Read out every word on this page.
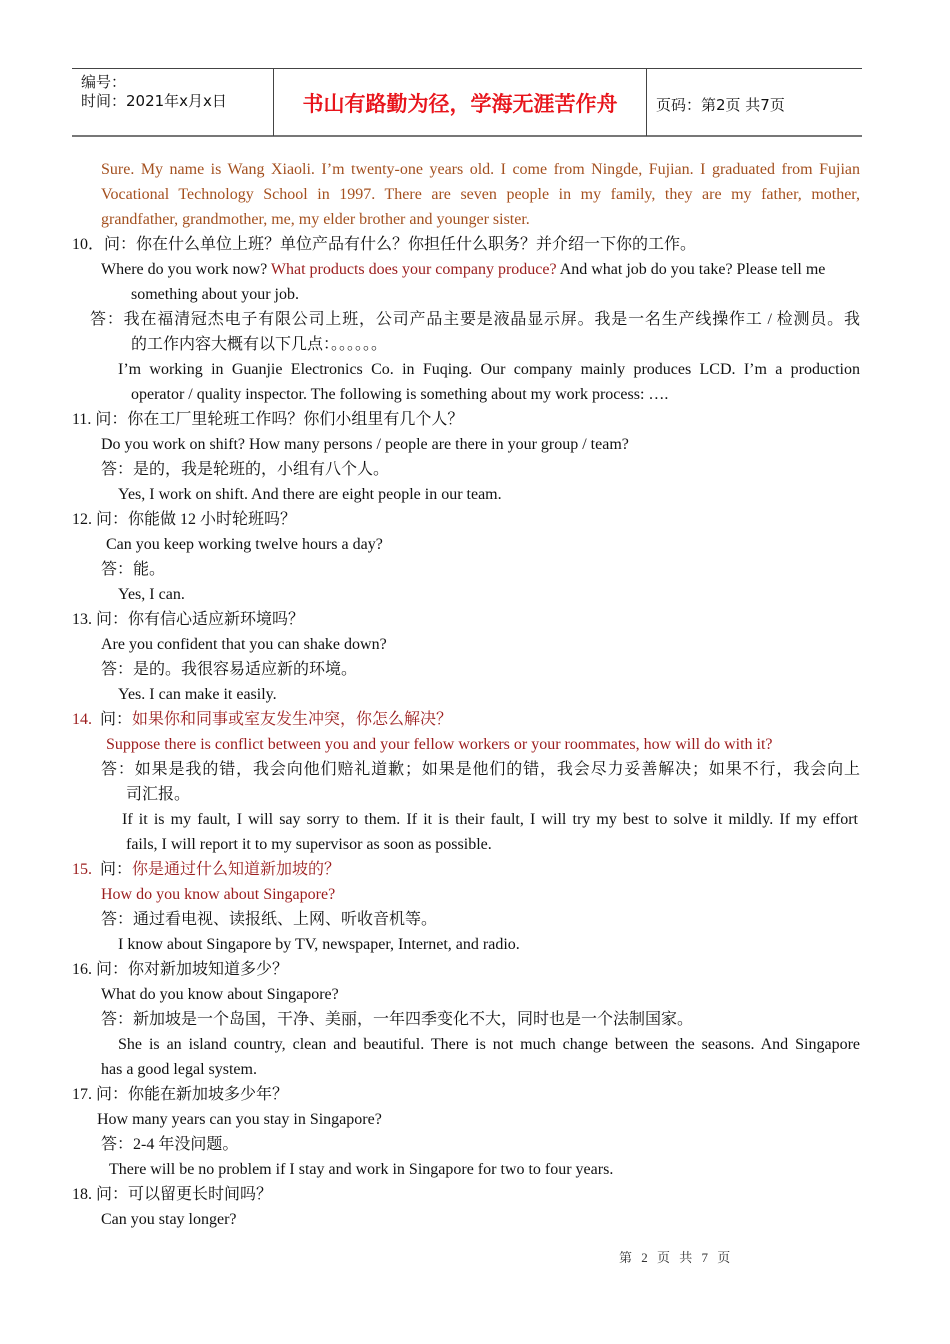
编号：
时间：2021年x月x日	书山有路勤为径，学海无涯苦作舟	页码：第2页 共7页
Sure. My name is Wang Xiaoli. I’m twenty-one years old. I come from Ningde, Fujian. I graduated from Fujian
Vocational Technology School in 1997. There are seven people in my family, they are my father, mother,
grandfather, grandmother, me, my elder brother and younger sister.
10．问：你在什么单位上班？单位产品有什么？你担任什么职务？并介绍一下你的工作。
Where do you work now? What products does your company produce? And what job do you take? Please tell me
something about your job.
答：我在福清冠杰电子有限公司上班，公司产品主要是液晶显示屏。我是一名生产线操作工 / 检测员。我
的工作内容大概有以下几点：。。。。。。
I’m working in Guanjie Electronics Co. in Fuqing. Our company mainly produces LCD. I’m a production
operator / quality inspector. The following is something about my work process: ….
11. 问：你在工厂里轮班工作吗？你们小组里有几个人？
Do you work on shift? How many persons / people are there in your group / team?
答：是的，我是轮班的，小组有八个人。
Yes, I work on shift. And there are eight people in our team.
12. 问：你能做 12 小时轮班吗？
Can you keep working twelve hours a day?
答：能。
Yes, I can.
13. 问：你有信心适应新环境吗？
Are you confident that you can shake down?
答：是的。我很容易适应新的环境。
Yes. I can make it easily.
14.  问：如果你和同事或室友发生冲突，你怎么解决？
Suppose there is conflict between you and your fellow workers or your roommates, how will do with it?
答：如果是我的错，我会向他们赔礼道歉；如果是他们的错，我会尽力妥善解决；如果不行，我会向上
司汇报。
If it is my fault, I will say sorry to them. If it is their fault, I will try my best to solve it mildly. If my effort
fails, I will report it to my supervisor as soon as possible.
15.  问：你是通过什么知道新加坡的？
How do you know about Singapore?
答：通过看电视、读报纸、上网、听收音机等。
I know about Singapore by TV, newspaper, Internet, and radio.
16. 问：你对新加坡知道多少？
What do you know about Singapore?
答：新加坡是一个岛国，干净、美丽，一年四季变化不大，同时也是一个法制国家。
She is an island country, clean and beautiful. There is not much change between the seasons. And Singapore
has a good legal system.
17. 问：你能在新加坡多少年？
How many years can you stay in Singapore?
答：2-4 年没问题。
There will be no problem if I stay and work in Singapore for two to four years.
18. 问：可以留更长时间吗？
Can you stay longer?
第 2 页 共 7 页
